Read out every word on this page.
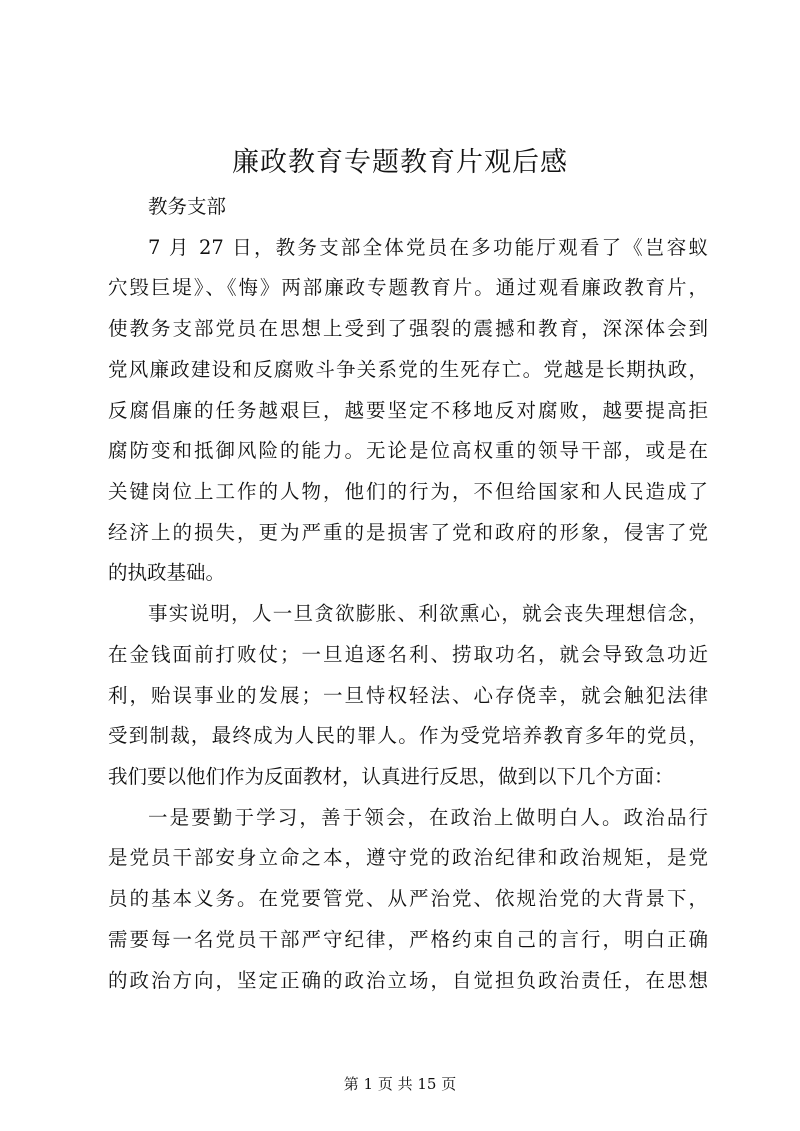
廉政教育专题教育片观后感
教务支部
7 月 27 日，教务支部全体党员在多功能厅观看了《岂容蚁
穴毁巨堤》、《悔》两部廉政专题教育片。通过观看廉政教育片，
使教务支部党员在思想上受到了强裂的震撼和教育，深深体会到
党风廉政建设和反腐败斗争关系党的生死存亡。党越是长期执政，
反腐倡廉的任务越艰巨，越要坚定不移地反对腐败，越要提高拒
腐防变和抵御风险的能力。无论是位高权重的领导干部，或是在
关键岗位上工作的人物，他们的行为，不但给国家和人民造成了
经济上的损失，更为严重的是损害了党和政府的形象，侵害了党
的执政基础。
事实说明，人一旦贪欲膨胀、利欲熏心，就会丧失理想信念，
在金钱面前打败仗；一旦追逐名利、捞取功名，就会导致急功近
利，贻误事业的发展；一旦恃权轻法、心存侥幸，就会触犯法律
受到制裁，最终成为人民的罪人。作为受党培养教育多年的党员，
我们要以他们作为反面教材，认真进行反思，做到以下几个方面：
一是要勤于学习，善于领会，在政治上做明白人。政治品行
是党员干部安身立命之本，遵守党的政治纪律和政治规矩，是党
员的基本义务。在党要管党、从严治党、依规治党的大背景下，
需要每一名党员干部严守纪律，严格约束自己的言行，明白正确
的政治方向，坚定正确的政治立场，自觉担负政治责任，在思想
第 1 页 共 15 页
